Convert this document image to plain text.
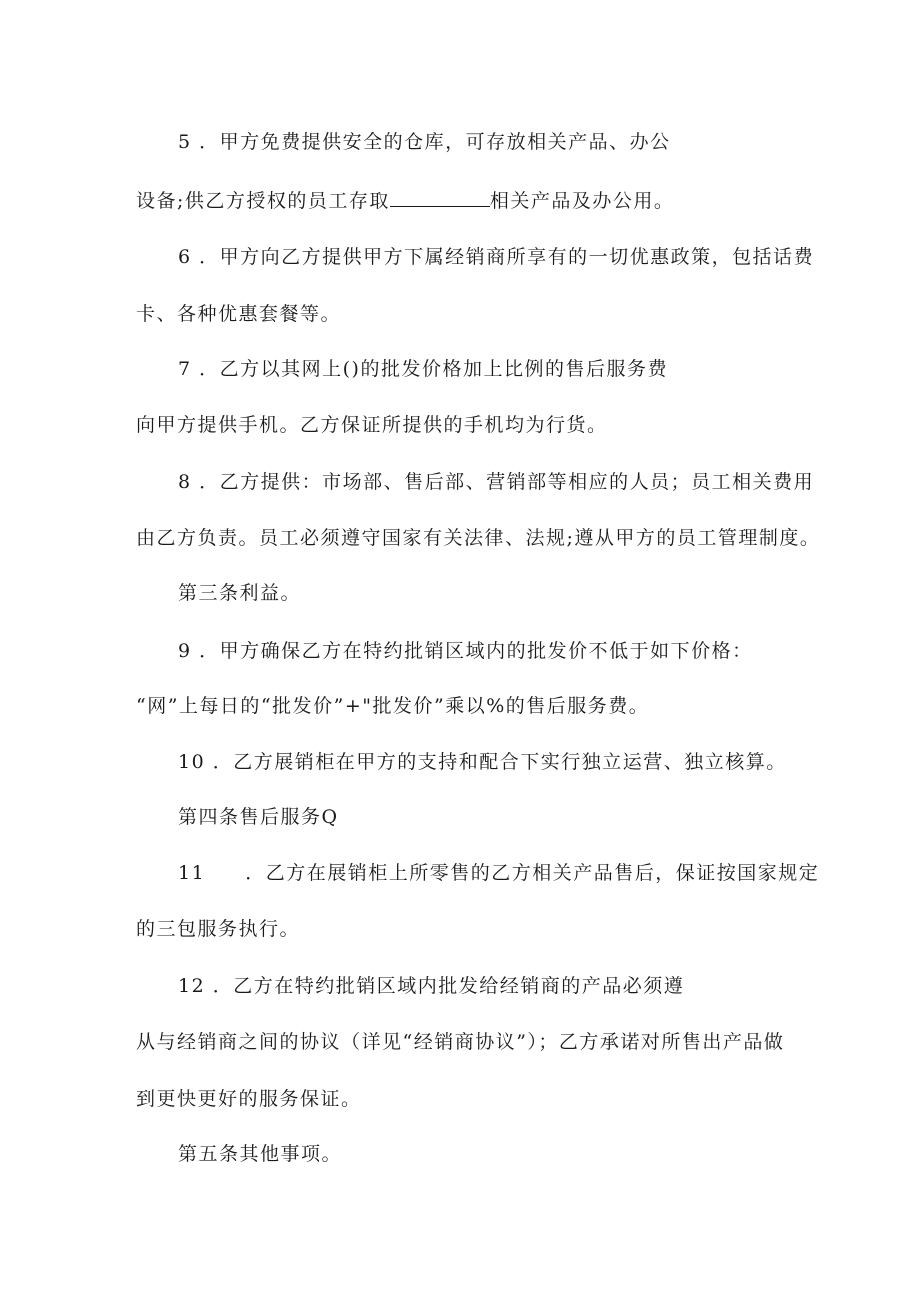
5 ．甲方免费提供安全的仓库，可存放相关产品、办公
设备;供乙方授权的员工存取	相关产品及办公用。
6 ．甲方向乙方提供甲方下属经销商所享有的一切优惠政策，包括话费
卡、各种优惠套餐等。
7 ．乙方以其网上()的批发价格加上比例的售后服务费
向甲方提供手机。乙方保证所提供的手机均为行货。
8 ．乙方提供：市场部、售后部、营销部等相应的人员；员工相关费用
由乙方负责。员工必须遵守国家有关法律、法规;遵从甲方的员工管理制度。
第三条利益。
9 ．甲方确保乙方在特约批销区域内的批发价不低于如下价格：
“网”上每日的“批发价”+"批发价”乘以%的售后服务费。
10 ．乙方展销柜在甲方的支持和配合下实行独立运营、独立核算。
第四条售后服务Q
11 ．乙方在展销柜上所零售的乙方相关产品售后，保证按国家规定
的三包服务执行。
12 ．乙方在特约批销区域内批发给经销商的产品必须遵
从与经销商之间的协议（详见“经销商协议”）；乙方承诺对所售出产品做
到更快更好的服务保证。
第五条其他事项。
